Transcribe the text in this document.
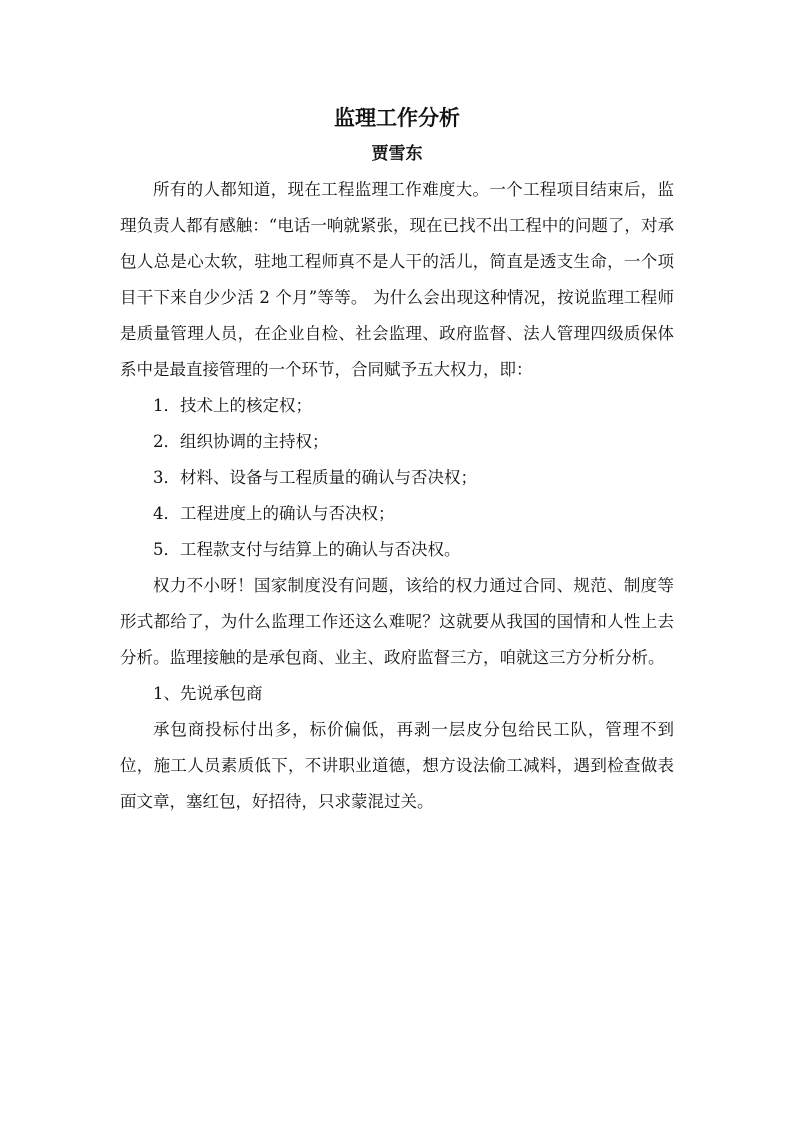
监理工作分析

贾雪东

所有的人都知道，现在工程监理工作难度大。一个工程项目结束后，监理负责人都有感触：“电话一响就紧张，现在已找不出工程中的问题了，对承包人总是心太软，驻地工程师真不是人干的活儿，简直是透支生命，一个项目干下来自少少活 2 个月”等等。 为什么会出现这种情况，按说监理工程师是质量管理人员，在企业自检、社会监理、政府监督、法人管理四级质保体系中是最直接管理的一个环节，合同赋予五大权力，即：

1．技术上的核定权；

2．组织协调的主持权；

3．材料、设备与工程质量的确认与否决权；

4．工程进度上的确认与否决权；

5．工程款支付与结算上的确认与否决权。

权力不小呀！国家制度没有问题，该给的权力通过合同、规范、制度等形式都给了，为什么监理工作还这么难呢？这就要从我国的国情和人性上去分析。监理接触的是承包商、业主、政府监督三方，咱就这三方分析分析。

1、先说承包商

承包商投标付出多，标价偏低，再剥一层皮分包给民工队，管理不到位，施工人员素质低下，不讲职业道德，想方设法偷工减料，遇到检查做表面文章，塞红包，好招待，只求蒙混过关。
